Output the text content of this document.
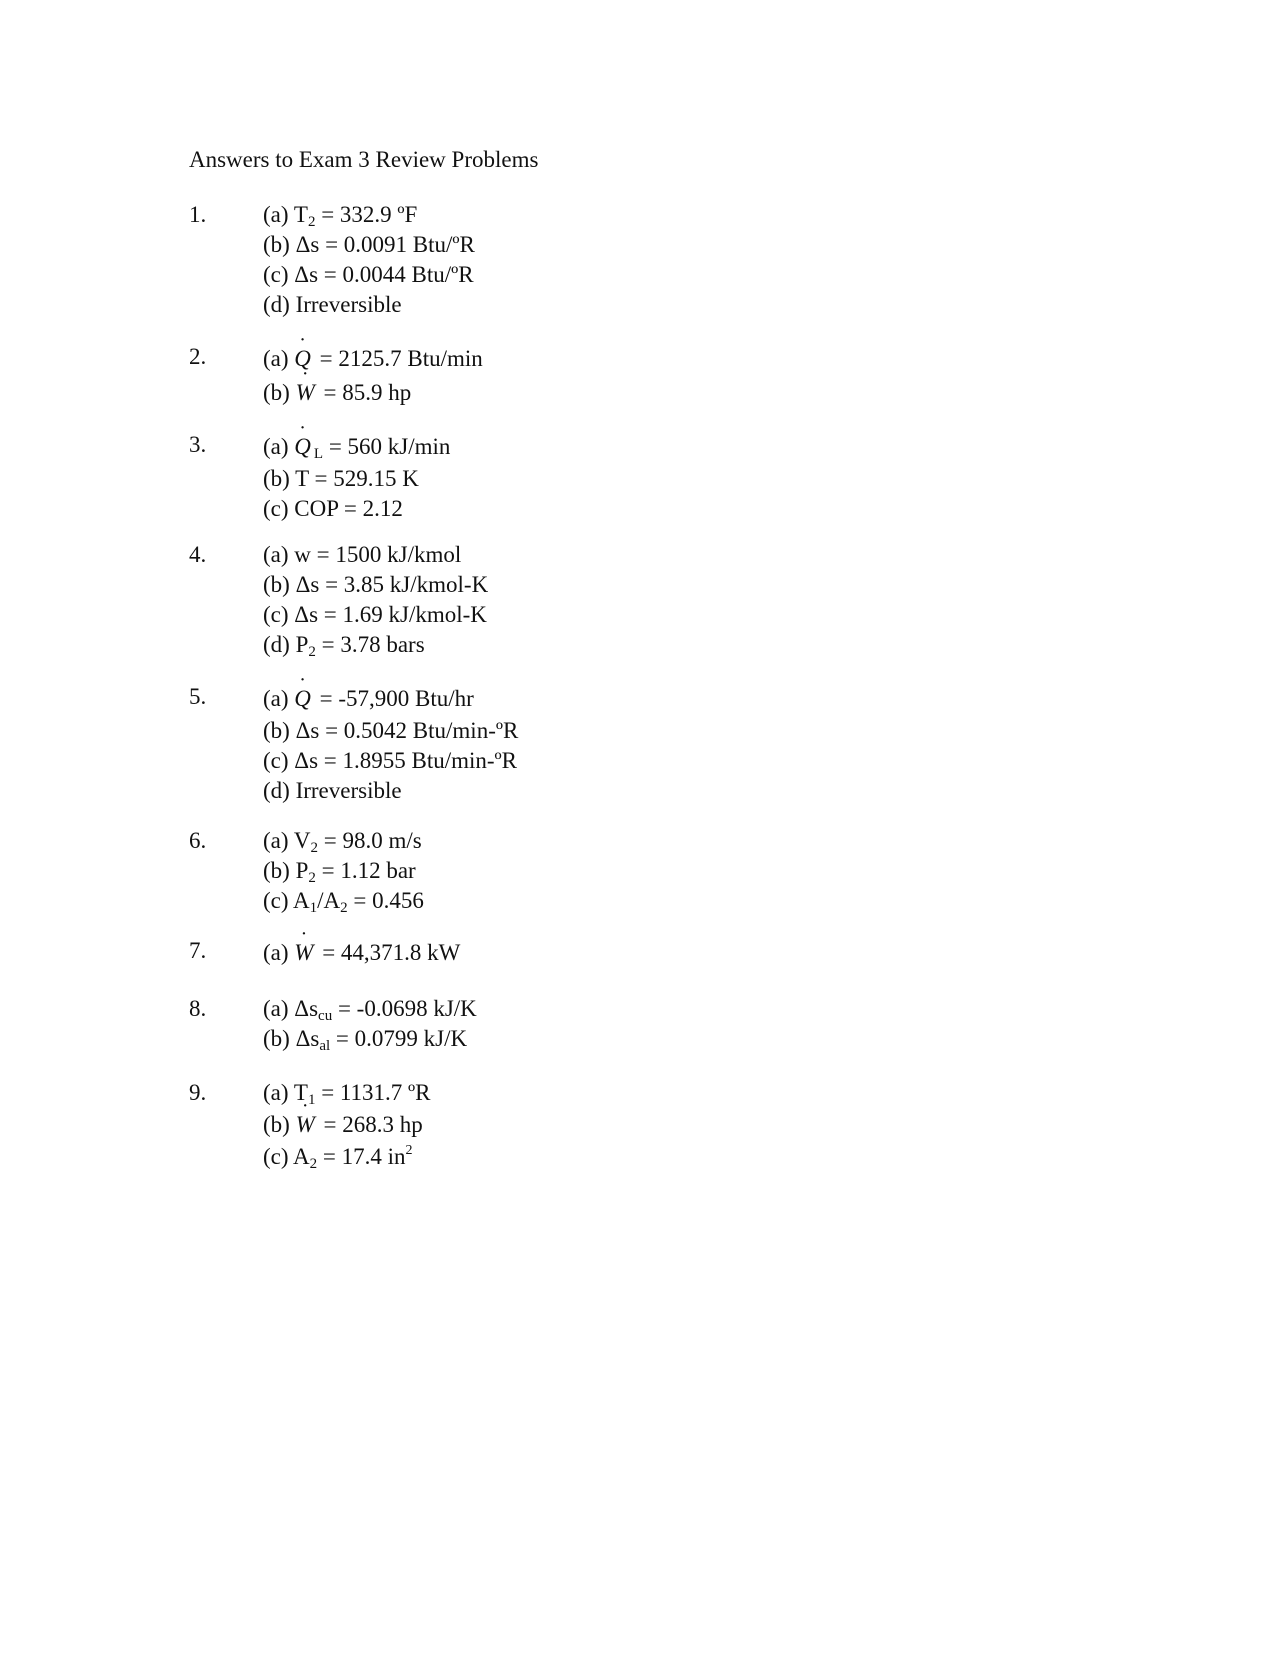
Answers to Exam 3 Review Problems
1. (a) $T_2 = 332.9$ ºF
(b) Δs = 0.0091 Btu/ºR
(c) Δs = 0.0044 Btu/ºR
(d) Irreversible
2. (a) Q ˙ = 2125.7 Btu/min
(b) W ˙ = 85.9 hp
3. (a) Q ˙ $_L$ = 560 kJ/min
(b) T = 529.15 K
(c) COP = 2.12
4. (a) w = 1500 kJ/kmol
(b) Δs = 3.85 kJ/kmol-K
(c) Δs = 1.69 kJ/kmol-K
(d) $P_2 = 3.78$ bars
5. (a) Q ˙ = -57,900 Btu/hr
(b) Δs = 0.5042 Btu/min-ºR
(c) Δs = 1.8955 Btu/min-ºR
(d) Irreversible
6. (a) $V_2 = 98.0$ m/s
(b) $P_2 = 1.12$ bar
(c) $A_1/A_2 = 0.456$
7. (a) W ˙ = 44,371.8 kW
8. (a) $\Delta s_{cu} = -0.0698$ kJ/K
(b) $\Delta s_{al} = 0.0799$ kJ/K
9. (a) $T_1 = 1131.7$ ºR
(b) W ˙ = 268.3 hp
(c) $A_2 = 17.4$ $in^2$
